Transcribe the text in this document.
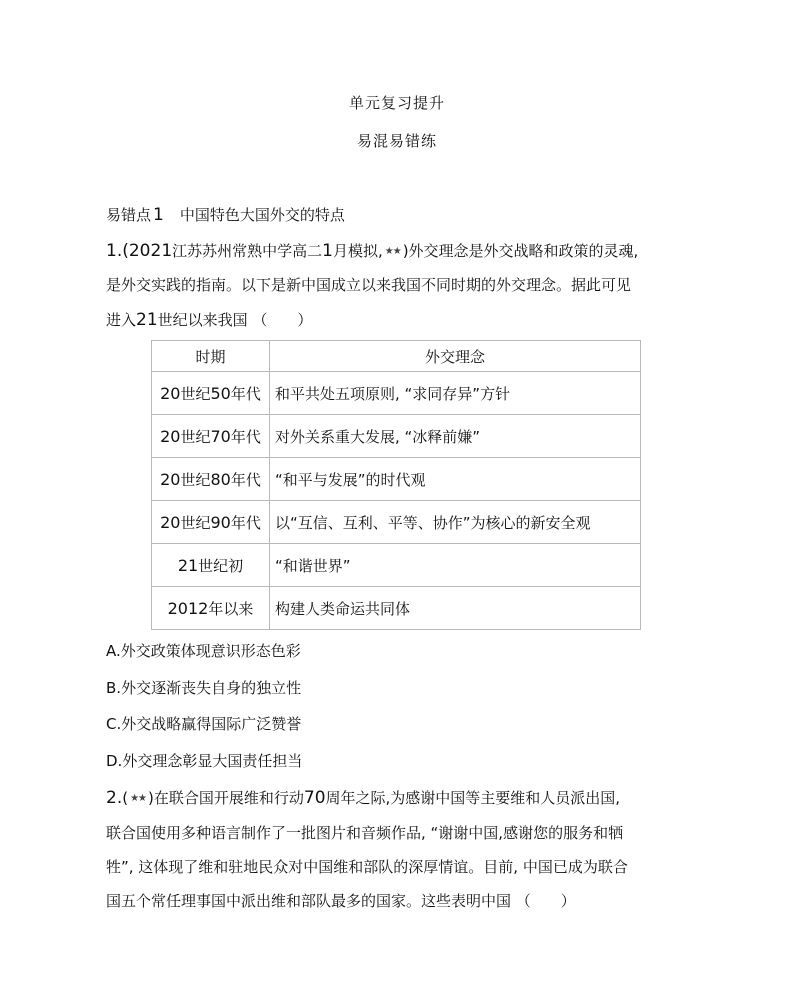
单元复习提升
易混易错练
易错点 1 中国特色大国外交的特点
1.(2021江苏苏州常熟中学高二1月模拟, ★★ )外交理念是外交战略和政策的灵魂,
是外交实践的指南。以下是新中国成立以来我国不同时期的外交理念。据此可见
进入21世纪以来我国 （　　）
时期	外交理念
20世纪50年代	和平共处五项原则, “求同存异”方针
20世纪70年代	对外关系重大发展, “冰释前嫌”
20世纪80年代	“和平与发展”的时代观
20世纪90年代	以“互信、互利、平等、协作”为核心的新安全观
21世纪初	“和谐世界”
2012年以来	构建人类命运共同体
A.外交政策体现意识形态色彩
B.外交逐渐丧失自身的独立性
C.外交战略赢得国际广泛赞誉
D.外交理念彰显大国责任担当
2.( ★★ )在联合国开展维和行动70周年之际,为感谢中国等主要维和人员派出国,
联合国使用多种语言制作了一批图片和音频作品, “谢谢中国,感谢您的服务和牺
牲”, 这体现了维和驻地民众对中国维和部队的深厚情谊。目前, 中国已成为联合
国五个常任理事国中派出维和部队最多的国家。这些表明中国 （　　）
